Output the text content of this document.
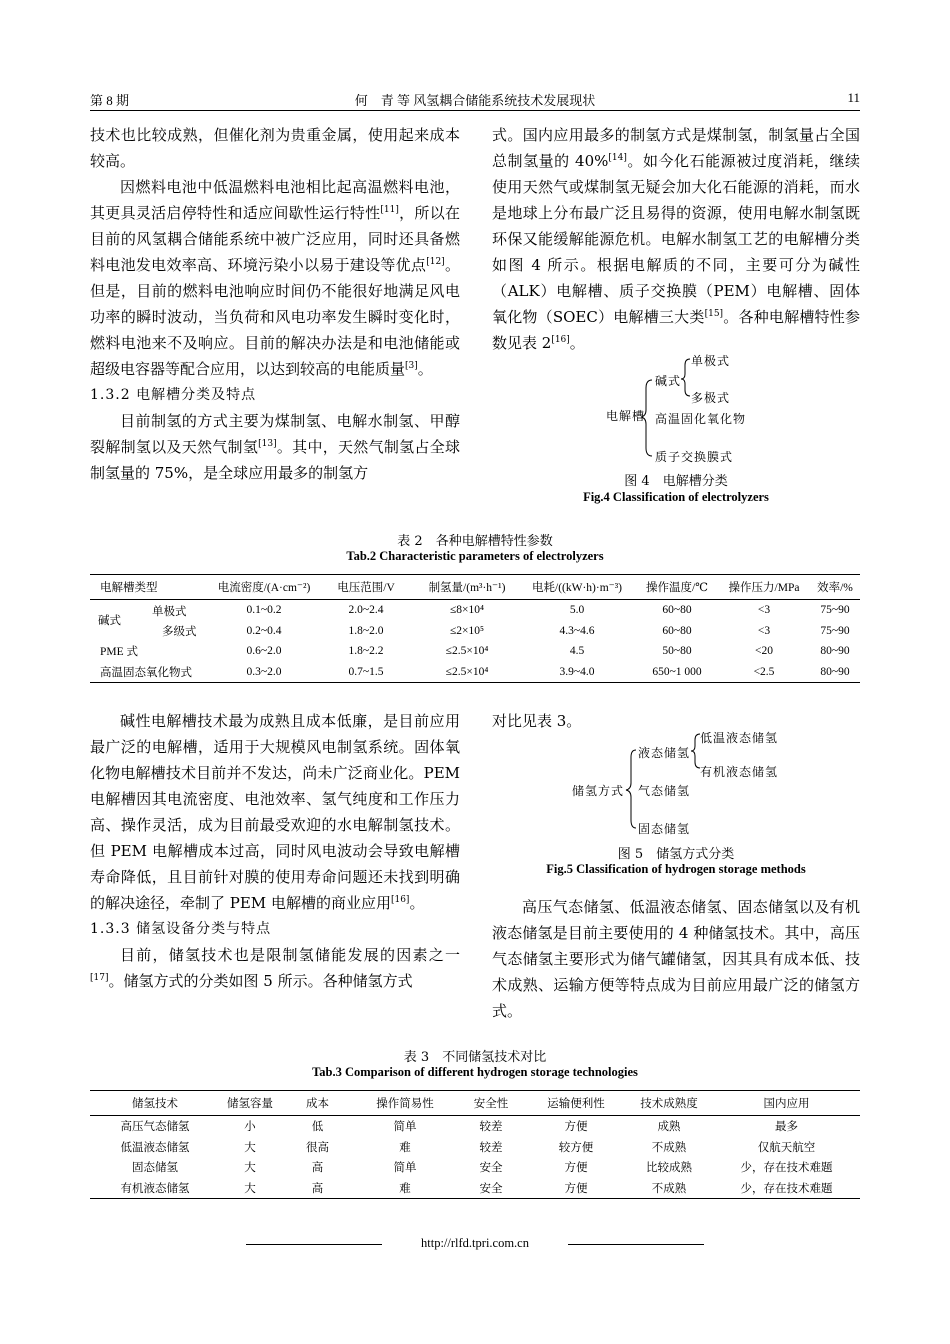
第 8 期	何　青 等 风氢耦合储能系统技术发展现状	11

技术也比较成熟，但催化剂为贵重金属，使用起来成本较高。

因燃料电池中低温燃料电池相比起高温燃料电池，其更具灵活启停特性和适应间歇性运行特性[11]，所以在目前的风氢耦合储能系统中被广泛应用，同时还具备燃料电池发电效率高、环境污染小以易于建设等优点[12]。但是，目前的燃料电池响应时间仍不能很好地满足风电功率的瞬时波动，当负荷和风电功率发生瞬时变化时，燃料电池来不及响应。目前的解决办法是和电池储能或超级电容器等配合应用，以达到较高的电能质量[3]。

1.3.2 电解槽分类及特点

目前制氢的方式主要为煤制氢、电解水制氢、甲醇裂解制氢以及天然气制氢[13]。其中，天然气制氢占全球制氢量的 75%，是全球应用最多的制氢方

式。国内应用最多的制氢方式是煤制氢，制氢量占全国总制氢量的 40%[14]。如今化石能源被过度消耗，继续使用天然气或煤制氢无疑会加大化石能源的消耗，而水是地球上分布最广泛且易得的资源，使用电解水制氢既环保又能缓解能源危机。电解水制氢工艺的电解槽分类如图 4 所示。根据电解质的不同，主要可分为碱性（ALK）电解槽、质子交换膜（PEM）电解槽、固体氧化物（SOEC）电解槽三大类[15]。各种电解槽特性参数见表 2[16]。

电解槽
碱式
单极式
多极式
高温固化氧化物
质子交换膜式
图 4　电解槽分类
Fig.4 Classification of electrolyzers
表 2　各种电解槽特性参数
Tab.2 Characteristic parameters of electrolyzers
电解槽类型	电流密度/(A·cm⁻²)	电压范围/V	制氢量/(m³·h⁻¹)	电耗/((kW·h)·m⁻³)	操作温度/℃	操作压力/MPa	效率/%

碱式
单极式	0.1~0.2	2.0~2.4	≤8×10⁴	5.0	60~80	<3	75~90
多级式	0.2~0.4	1.8~2.0	≤2×10⁵	4.3~4.6	60~80	<3	75~90
PME 式	0.6~2.0	1.8~2.2	≤2.5×10⁴	4.5	50~80	<20	80~90
高温固态氧化物式	0.3~2.0	0.7~1.5	≤2.5×10⁴	3.9~4.0	650~1 000	<2.5	80~90

碱性电解槽技术最为成熟且成本低廉，是目前应用最广泛的电解槽，适用于大规模风电制氢系统。固体氧化物电解槽技术目前并不发达，尚未广泛商业化。PEM 电解槽因其电流密度、电池效率、氢气纯度和工作压力高、操作灵活，成为目前最受欢迎的水电解制氢技术。但 PEM 电解槽成本过高，同时风电波动会导致电解槽寿命降低，且目前针对膜的使用寿命问题还未找到明确的解决途径，牵制了 PEM 电解槽的商业应用[16]。

1.3.3 储氢设备分类与特点

目前，储氢技术也是限制氢储能发展的因素之一[17]。储氢方式的分类如图 5 所示。各种储氢方式

对比见表 3。

储氢方式
液态储氢
低温液态储氢
有机液态储氢
气态储氢
固态储氢
图 5　储氢方式分类
Fig.5 Classification of hydrogen storage methods

高压气态储氢、低温液态储氢、固态储氢以及有机液态储氢是目前主要使用的 4 种储氢技术。其中，高压气态储氢主要形式为储气罐储氢，因其具有成本低、技术成熟、运输方便等特点成为目前应用最广泛的储氢方式。

表 3　不同储氢技术对比
Tab.3 Comparison of different hydrogen storage technologies
储氢技术	储氢容量	成本	操作简易性	安全性	运输便利性	技术成熟度	国内应用
高压气态储氢	小	低	简单	较差	方便	成熟	最多
低温液态储氢	大	很高	难	较差	较方便	不成熟	仅航天航空
固态储氢	大	高	简单	安全	方便	比较成熟	少，存在技术难题
有机液态储氢	大	高	难	安全	方便	不成熟	少，存在技术难题
http://rlfd.tpri.com.cn
